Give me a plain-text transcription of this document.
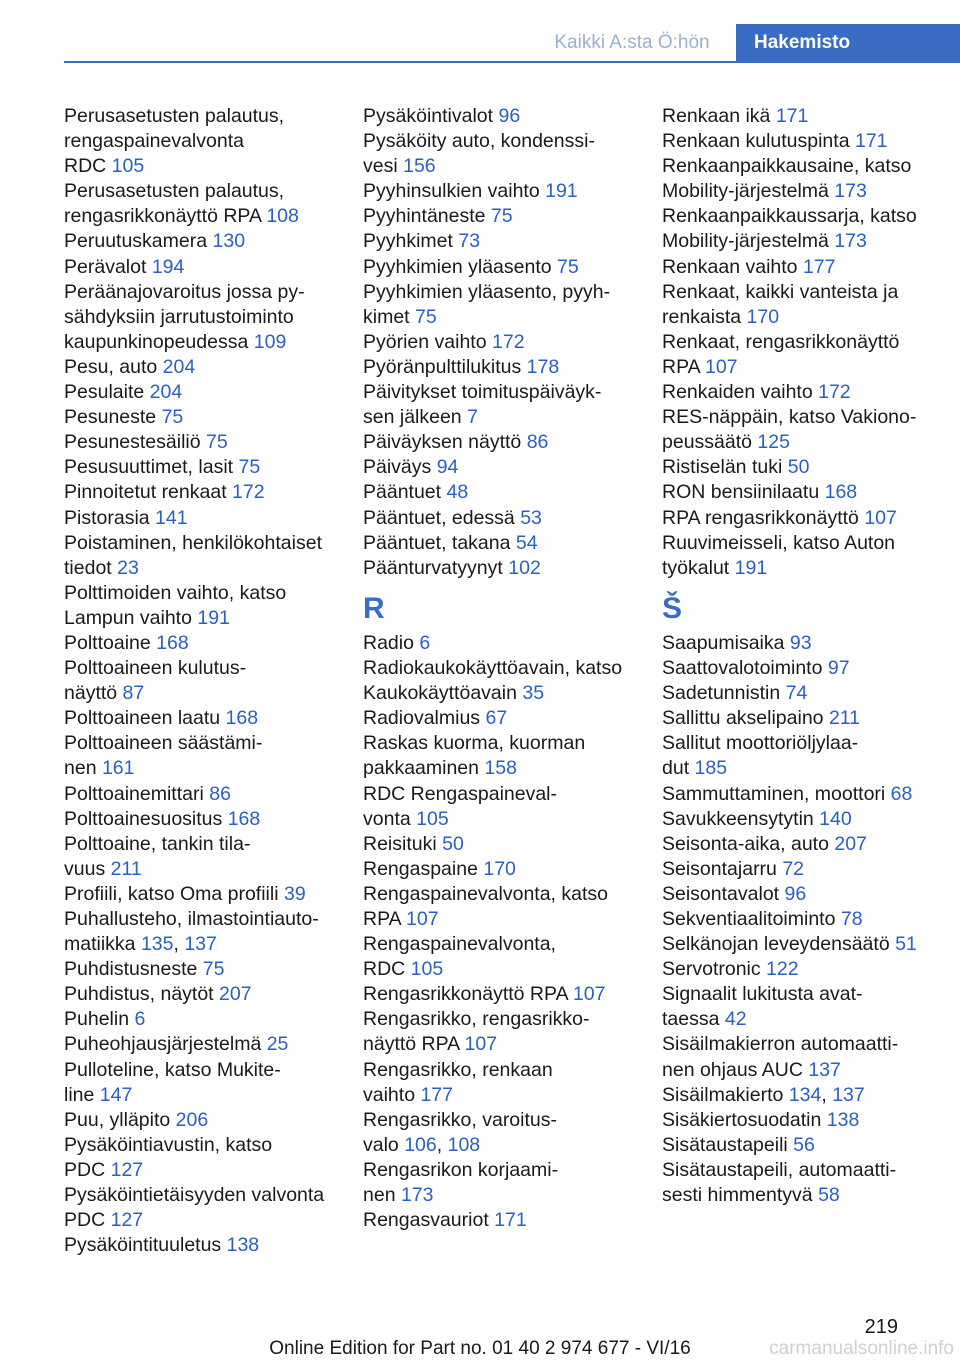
Kaikki A:sta Ö:hön	Hakemisto
Perusasetusten palautus,
rengaspainevalvonta
RDC 105
Perusasetusten palautus,
rengasrikkonäyttö RPA 108
Peruutuskamera 130
Perävalot 194
Peräänajovaroitus jossa py-
sähdyksiin jarrutustoiminto
kaupunkinopeudessa 109
Pesu, auto 204
Pesulaite 204
Pesuneste 75
Pesunestesäiliö 75
Pesusuuttimet, lasit 75
Pinnoitetut renkaat 172
Pistorasia 141
Poistaminen, henkilökohtaiset
tiedot 23
Polttimoiden vaihto, katso
Lampun vaihto 191
Polttoaine 168
Polttoaineen kulutus-
näyttö 87
Polttoaineen laatu 168
Polttoaineen säästämi-
nen 161
Polttoainemittari 86
Polttoainesuositus 168
Polttoaine, tankin tila-
vuus 211
Profiili, katso Oma profiili 39
Puhallusteho, ilmastointiauto-
matiikka 135, 137
Puhdistusneste 75
Puhdistus, näytöt 207
Puhelin 6
Puheohjausjärjestelmä 25
Pulloteline, katso Mukite-
line 147
Puu, ylläpito 206
Pysäköintiavustin, katso
PDC 127
Pysäköintietäisyyden valvonta
PDC 127
Pysäköintituuletus 138
Pysäköintivalot 96
Pysäköity auto, kondenssi-
vesi 156
Pyyhinsulkien vaihto 191
Pyyhintäneste 75
Pyyhkimet 73
Pyyhkimien yläasento 75
Pyyhkimien yläasento, pyyh-
kimet 75
Pyörien vaihto 172
Pyöränpulttilukitus 178
Päivitykset toimituspäiväyk-
sen jälkeen 7
Päiväyksen näyttö 86
Päiväys 94
Pääntuet 48
Pääntuet, edessä 53
Pääntuet, takana 54
Päänturvatyynyt 102
R
Radio 6
Radiokaukokäyttöavain, katso
Kaukokäyttöavain 35
Radiovalmius 67
Raskas kuorma, kuorman
pakkaaminen 158
RDC Rengaspaineval-
vonta 105
Reisituki 50
Rengaspaine 170
Rengaspainevalvonta, katso
RPA 107
Rengaspainevalvonta,
RDC 105
Rengasrikkonäyttö RPA 107
Rengasrikko, rengasrikko-
näyttö RPA 107
Rengasrikko, renkaan
vaihto 177
Rengasrikko, varoitus-
valo 106, 108
Rengasrikon korjaami-
nen 173
Rengasvauriot 171
Renkaan ikä 171
Renkaan kulutuspinta 171
Renkaanpaikkausaine, katso
Mobility-järjestelmä 173
Renkaanpaikkaussarja, katso
Mobility-järjestelmä 173
Renkaan vaihto 177
Renkaat, kaikki vanteista ja
renkaista 170
Renkaat, rengasrikkonäyttö
RPA 107
Renkaiden vaihto 172
RES-näppäin, katso Vakiono-
peussäätö 125
Ristiselän tuki 50
RON bensiinilaatu 168
RPA rengasrikkonäyttö 107
Ruuvimeisseli, katso Auton
työkalut 191
Š
Saapumisaika 93
Saattovalotoiminto 97
Sadetunnistin 74
Sallittu akselipaino 211
Sallitut moottoriöljylaa-
dut 185
Sammuttaminen, moottori 68
Savukkeensytytin 140
Seisonta-aika, auto 207
Seisontajarru 72
Seisontavalot 96
Sekventiaalitoiminto 78
Selkänojan leveydensäätö 51
Servotronic 122
Signaalit lukitusta avat-
taessa 42
Sisäilmakierron automaatti-
nen ohjaus AUC 137
Sisäilmakierto 134, 137
Sisäkiertosuodatin 138
Sisätaustapeili 56
Sisätaustapeili, automaatti-
sesti himmentyvä 58
219
Online Edition for Part no. 01 40 2 974 677 - VI/16	carmanualsonline.info
